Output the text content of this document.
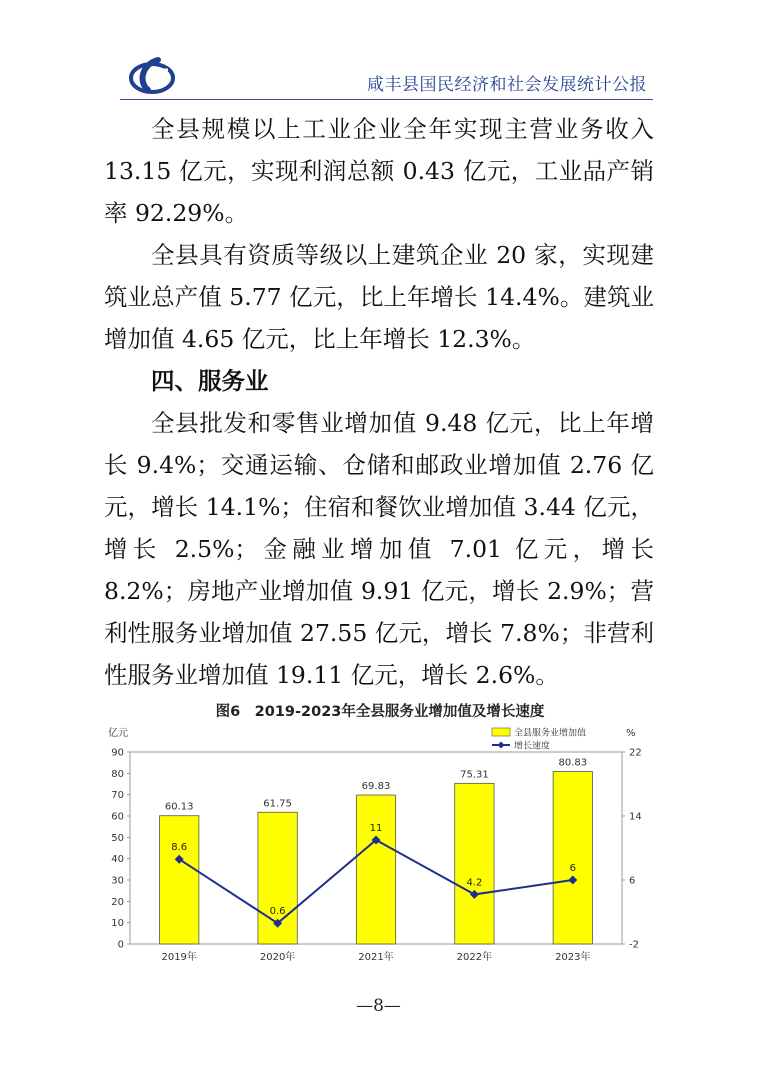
咸丰县国民经济和社会发展统计公报

全县规模以上工业企业全年实现主营业务收入 13.15 亿元，实现利润总额 0.43 亿元，工业品产销率 92.29%。

全县具有资质等级以上建筑企业 20 家，实现建筑业总产值 5.77 亿元，比上年增长 14.4%。建筑业增加值 4.65 亿元，比上年增长 12.3%。

四、服务业

全县批发和零售业增加值 9.48 亿元，比上年增长 9.4%；交通运输、仓储和邮政业增加值 2.76 亿元，增长 14.1%；住宿和餐饮业增加值 3.44 亿元，增长 2.5%；金融业增加值 7.01 亿元，增长 8.2%；房地产业增加值 9.91 亿元，增长 2.9%；营利性服务业增加值 27.55 亿元，增长 7.8%；非营利性服务业增加值 19.11 亿元，增长 2.6%。

图6　2019-2023年全县服务业增加值及增长速度
0
10
20
30
40
50
60
70
80
90
亿元
-2
6
14
22
%
60.13	61.75
69.83
75.31
80.83
8.6
0.6
11
4.2
6
2019年	2020年	2021年	2022年	2023年
全县服务业增加值
增长速度
—8—
